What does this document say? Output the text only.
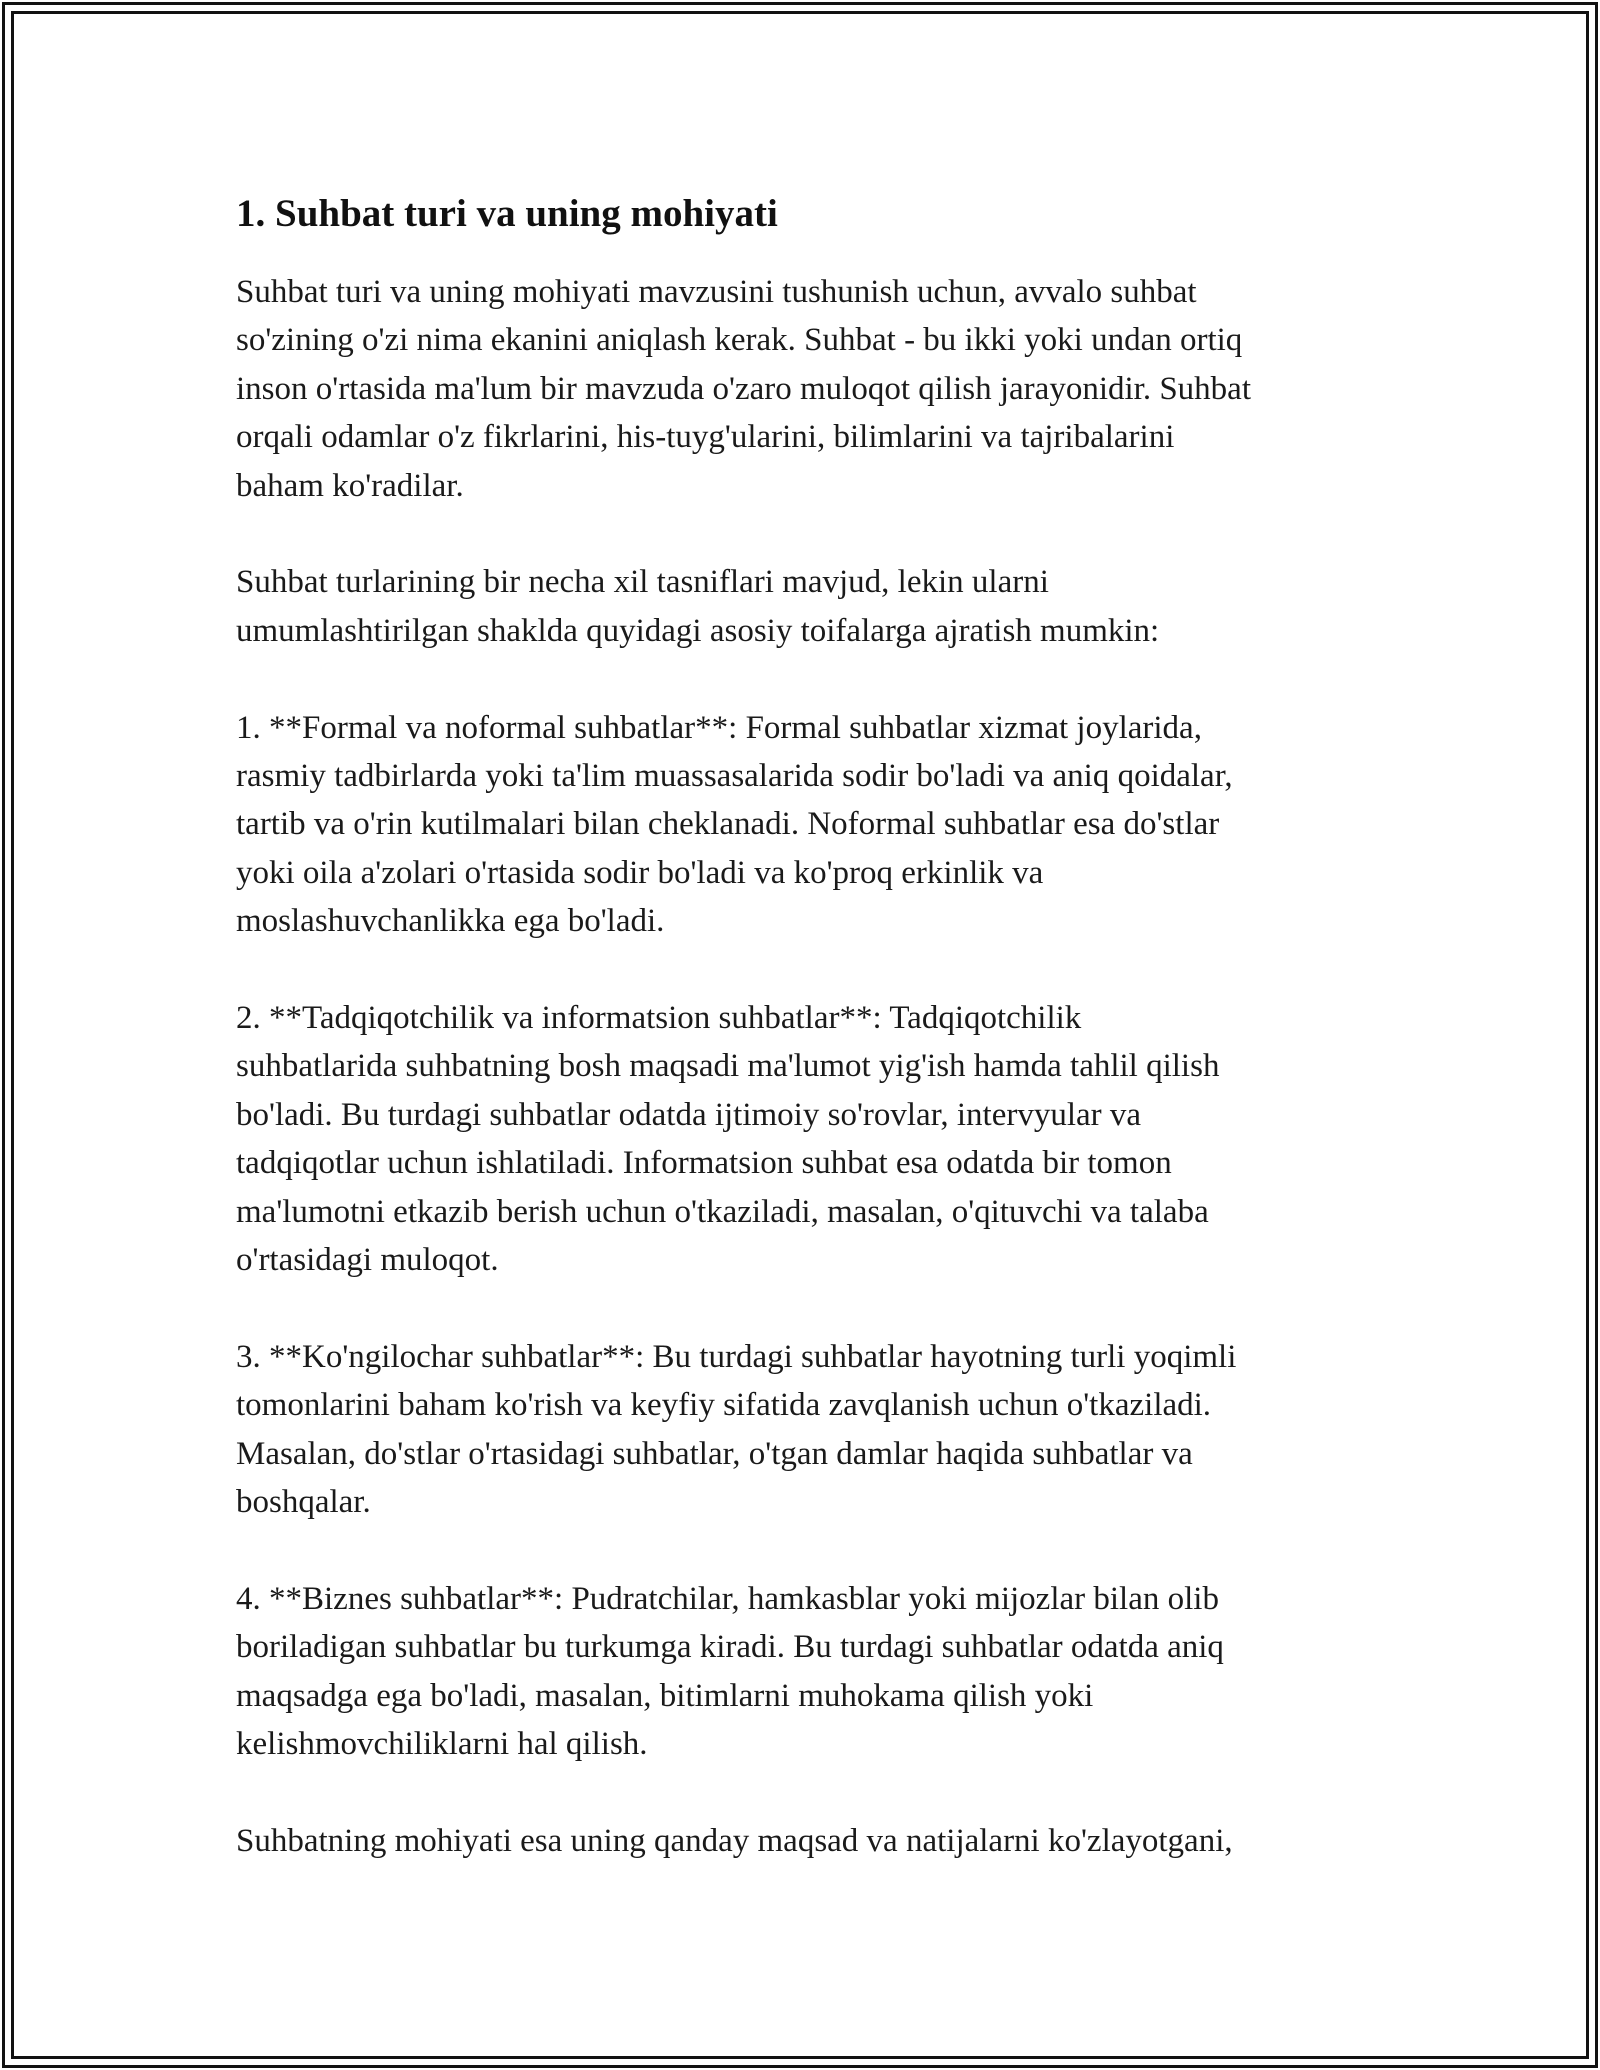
1. Suhbat turi va uning mohiyati

Suhbat turi va uning mohiyati mavzusini tushunish uchun, avvalo suhbat
so'zining o'zi nima ekanini aniqlash kerak. Suhbat - bu ikki yoki undan ortiq
inson o'rtasida ma'lum bir mavzuda o'zaro muloqot qilish jarayonidir. Suhbat
orqali odamlar o'z fikrlarini, his-tuyg'ularini, bilimlarini va tajribalarini
baham ko'radilar.

Suhbat turlarining bir necha xil tasniflari mavjud, lekin ularni
umumlashtirilgan shaklda quyidagi asosiy toifalarga ajratish mumkin:

1. **Formal va noformal suhbatlar**: Formal suhbatlar xizmat joylarida,
rasmiy tadbirlarda yoki ta'lim muassasalarida sodir bo'ladi va aniq qoidalar,
tartib va o'rin kutilmalari bilan cheklanadi. Noformal suhbatlar esa do'stlar
yoki oila a'zolari o'rtasida sodir bo'ladi va ko'proq erkinlik va
moslashuvchanlikka ega bo'ladi.

2. **Tadqiqotchilik va informatsion suhbatlar**: Tadqiqotchilik
suhbatlarida suhbatning bosh maqsadi ma'lumot yig'ish hamda tahlil qilish
bo'ladi. Bu turdagi suhbatlar odatda ijtimoiy so'rovlar, intervyular va
tadqiqotlar uchun ishlatiladi. Informatsion suhbat esa odatda bir tomon
ma'lumotni etkazib berish uchun o'tkaziladi, masalan, o'qituvchi va talaba
o'rtasidagi muloqot.

3. **Ko'ngilochar suhbatlar**: Bu turdagi suhbatlar hayotning turli yoqimli
tomonlarini baham ko'rish va keyfiy sifatida zavqlanish uchun o'tkaziladi.
Masalan, do'stlar o'rtasidagi suhbatlar, o'tgan damlar haqida suhbatlar va
boshqalar.

4. **Biznes suhbatlar**: Pudratchilar, hamkasblar yoki mijozlar bilan olib
boriladigan suhbatlar bu turkumga kiradi. Bu turdagi suhbatlar odatda aniq
maqsadga ega bo'ladi, masalan, bitimlarni muhokama qilish yoki
kelishmovchiliklarni hal qilish.

Suhbatning mohiyati esa uning qanday maqsad va natijalarni ko'zlayotgani,
